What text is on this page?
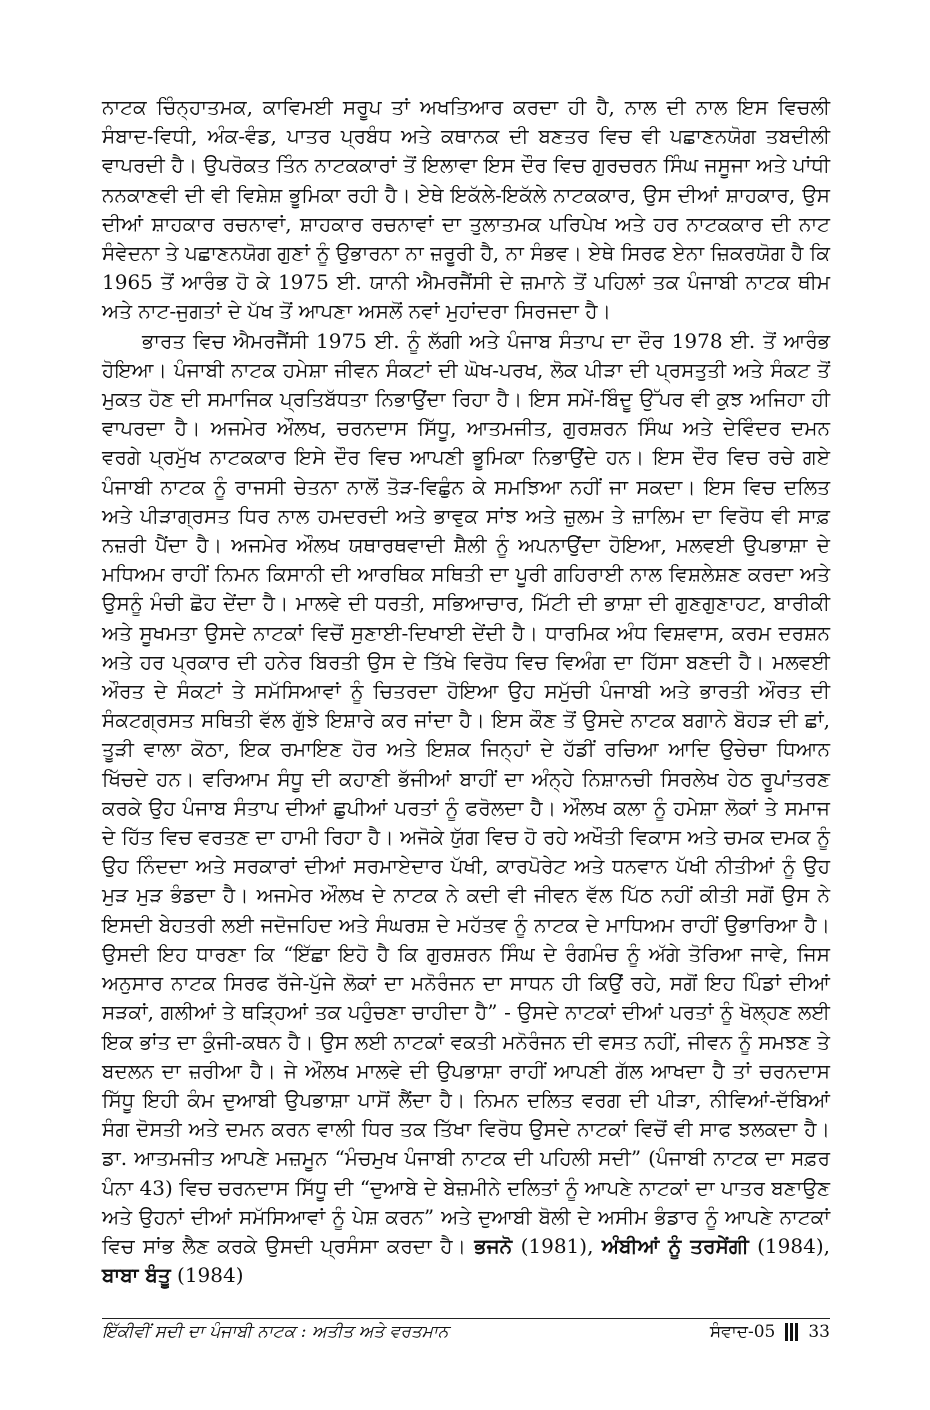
ਨਾਟਕ ਚਿੰਨ੍ਹਾਤਮਕ, ਕਾਵਿਮਈ ਸਰੂਪ ਤਾਂ ਅਖਤਿਆਰ ਕਰਦਾ ਹੀ ਹੈ, ਨਾਲ ਦੀ ਨਾਲ ਇਸ ਵਿਚਲੀ ਸੰਬਾਦ-ਵਿਧੀ, ਅੰਕ-ਵੰਡ, ਪਾਤਰ ਪ੍ਰਬੰਧ ਅਤੇ ਕਥਾਨਕ ਦੀ ਬਣਤਰ ਵਿਚ ਵੀ ਪਛਾਣਨਯੋਗ ਤਬਦੀਲੀ ਵਾਪਰਦੀ ਹੈ। ਉਪਰੋਕਤ ਤਿੰਨ ਨਾਟਕਕਾਰਾਂ ਤੋਂ ਇਲਾਵਾ ਇਸ ਦੌਰ ਵਿਚ ਗੁਰਚਰਨ ਸਿੰਘ ਜਸੂਜਾ ਅਤੇ ਪਾਂਧੀ ਨਨਕਾਣਵੀ ਦੀ ਵੀ ਵਿਸ਼ੇਸ਼ ਭੂਮਿਕਾ ਰਹੀ ਹੈ। ਏਥੇ ਇਕੱਲੇ-ਇਕੱਲੇ ਨਾਟਕਕਾਰ, ਉਸ ਦੀਆਂ ਸ਼ਾਹਕਾਰ, ਉਸ ਦੀਆਂ ਸ਼ਾਹਕਾਰ ਰਚਨਾਵਾਂ, ਸ਼ਾਹਕਾਰ ਰਚਨਾਵਾਂ ਦਾ ਤੁਲਾਤਮਕ ਪਰਿਪੇਖ ਅਤੇ ਹਰ ਨਾਟਕਕਾਰ ਦੀ ਨਾਟ ਸੰਵੇਦਨਾ ਤੇ ਪਛਾਣਨਯੋਗ ਗੁਣਾਂ ਨੂੰ ਉਭਾਰਨਾ ਨਾ ਜ਼ਰੂਰੀ ਹੈ, ਨਾ ਸੰਭਵ। ਏਥੇ ਸਿਰਫ ਏਨਾ ਜ਼ਿਕਰਯੋਗ ਹੈ ਕਿ 1965 ਤੋਂ ਆਰੰਭ ਹੋ ਕੇ 1975 ਈ. ਯਾਨੀ ਐਮਰਜੈਂਸੀ ਦੇ ਜ਼ਮਾਨੇ ਤੋਂ ਪਹਿਲਾਂ ਤਕ ਪੰਜਾਬੀ ਨਾਟਕ ਥੀਮ ਅਤੇ ਨਾਟ-ਜੁਗਤਾਂ ਦੇ ਪੱਖ ਤੋਂ ਆਪਣਾ ਅਸਲੋਂ ਨਵਾਂ ਮੁਹਾਂਦਰਾ ਸਿਰਜਦਾ ਹੈ।

ਭਾਰਤ ਵਿਚ ਐਮਰਜੈਂਸੀ 1975 ਈ. ਨੂੰ ਲੱਗੀ ਅਤੇ ਪੰਜਾਬ ਸੰਤਾਪ ਦਾ ਦੌਰ 1978 ਈ. ਤੋਂ ਆਰੰਭ ਹੋਇਆ। ਪੰਜਾਬੀ ਨਾਟਕ ਹਮੇਸ਼ਾ ਜੀਵਨ ਸੰਕਟਾਂ ਦੀ ਘੋਖ-ਪਰਖ, ਲੋਕ ਪੀੜਾ ਦੀ ਪ੍ਰਸਤੁਤੀ ਅਤੇ ਸੰਕਟ ਤੋਂ ਮੁਕਤ ਹੋਣ ਦੀ ਸਮਾਜਿਕ ਪ੍ਰਤਿਬੱਧਤਾ ਨਿਭਾਉਂਦਾ ਰਿਹਾ ਹੈ। ਇਸ ਸਮੇਂ-ਬਿੰਦੂ ਉੱਪਰ ਵੀ ਕੁਝ ਅਜਿਹਾ ਹੀ ਵਾਪਰਦਾ ਹੈ। ਅਜਮੇਰ ਔਲਖ, ਚਰਨਦਾਸ ਸਿੱਧੂ, ਆਤਮਜੀਤ, ਗੁਰਸ਼ਰਨ ਸਿੰਘ ਅਤੇ ਦੇਵਿੰਦਰ ਦਮਨ ਵਰਗੇ ਪ੍ਰਮੁੱਖ ਨਾਟਕਕਾਰ ਇਸੇ ਦੌਰ ਵਿਚ ਆਪਣੀ ਭੂਮਿਕਾ ਨਿਭਾਉਂਦੇ ਹਨ। ਇਸ ਦੌਰ ਵਿਚ ਰਚੇ ਗਏ ਪੰਜਾਬੀ ਨਾਟਕ ਨੂੰ ਰਾਜਸੀ ਚੇਤਨਾ ਨਾਲੋਂ ਤੋੜ-ਵਿਛੁੰਨ ਕੇ ਸਮਝਿਆ ਨਹੀਂ ਜਾ ਸਕਦਾ। ਇਸ ਵਿਚ ਦਲਿਤ ਅਤੇ ਪੀੜਾਗ੍ਰਸਤ ਧਿਰ ਨਾਲ ਹਮਦਰਦੀ ਅਤੇ ਭਾਵੁਕ ਸਾਂਝ ਅਤੇ ਜ਼ੁਲਮ ਤੇ ਜ਼ਾਲਿਮ ਦਾ ਵਿਰੋਧ ਵੀ ਸਾਫ਼ ਨਜ਼ਰੀ ਪੈਂਦਾ ਹੈ। ਅਜਮੇਰ ਔਲਖ ਯਥਾਰਥਵਾਦੀ ਸ਼ੈਲੀ ਨੂੰ ਅਪਨਾਉਂਦਾ ਹੋਇਆ, ਮਲਵਈ ਉਪਭਾਸ਼ਾ ਦੇ ਮਧਿਅਮ ਰਾਹੀਂ ਨਿਮਨ ਕਿਸਾਨੀ ਦੀ ਆਰਥਿਕ ਸਥਿਤੀ ਦਾ ਪੂਰੀ ਗਹਿਰਾਈ ਨਾਲ ਵਿਸ਼ਲੇਸ਼ਣ ਕਰਦਾ ਅਤੇ ਉਸਨੂੰ ਮੰਚੀ ਛੋਹ ਦੇਂਦਾ ਹੈ। ਮਾਲਵੇ ਦੀ ਧਰਤੀ, ਸਭਿਆਚਾਰ, ਮਿੱਟੀ ਦੀ ਭਾਸ਼ਾ ਦੀ ਗੁਣਗੁਣਾਹਟ, ਬਾਰੀਕੀ ਅਤੇ ਸੂਖਮਤਾ ਉਸਦੇ ਨਾਟਕਾਂ ਵਿਚੋਂ ਸੁਣਾਈ-ਦਿਖਾਈ ਦੇਂਦੀ ਹੈ। ਧਾਰਮਿਕ ਅੰਧ ਵਿਸ਼ਵਾਸ, ਕਰਮ ਦਰਸ਼ਨ ਅਤੇ ਹਰ ਪ੍ਰਕਾਰ ਦੀ ਹਨੇਰ ਬਿਰਤੀ ਉਸ ਦੇ ਤਿੱਖੇ ਵਿਰੋਧ ਵਿਚ ਵਿਅੰਗ ਦਾ ਹਿੱਸਾ ਬਣਦੀ ਹੈ। ਮਲਵਈ ਔਰਤ ਦੇ ਸੰਕਟਾਂ ਤੇ ਸਮੱਸਿਆਵਾਂ ਨੂੰ ਚਿਤਰਦਾ ਹੋਇਆ ਉਹ ਸਮੁੱਚੀ ਪੰਜਾਬੀ ਅਤੇ ਭਾਰਤੀ ਔਰਤ ਦੀ ਸੰਕਟਗ੍ਰਸਤ ਸਥਿਤੀ ਵੱਲ ਗੁੱਝੇ ਇਸ਼ਾਰੇ ਕਰ ਜਾਂਦਾ ਹੈ। ਇਸ ਕੌਣ ਤੋਂ ਉਸਦੇ ਨਾਟਕ ਬਗਾਨੇ ਬੋਹੜ ਦੀ ਛਾਂ, ਤੂੜੀ ਵਾਲਾ ਕੋਠਾ, ਇਕ ਰਮਾਇਣ ਹੋਰ ਅਤੇ ਇਸ਼ਕ ਜਿਨ੍ਹਾਂ ਦੇ ਹੱਡੀਂ ਰਚਿਆ ਆਦਿ ਉਚੇਚਾ ਧਿਆਨ ਖਿੱਚਦੇ ਹਨ। ਵਰਿਆਮ ਸੰਧੂ ਦੀ ਕਹਾਣੀ ਭੱਜੀਆਂ ਬਾਹੀਂ ਦਾ ਅੰਨ੍ਹੇ ਨਿਸ਼ਾਨਚੀ ਸਿਰਲੇਖ ਹੇਠ ਰੂਪਾਂਤਰਣ ਕਰਕੇ ਉਹ ਪੰਜਾਬ ਸੰਤਾਪ ਦੀਆਂ ਛੁਪੀਆਂ ਪਰਤਾਂ ਨੂੰ ਫਰੋਲਦਾ ਹੈ। ਔਲਖ ਕਲਾ ਨੂੰ ਹਮੇਸ਼ਾ ਲੋਕਾਂ ਤੇ ਸਮਾਜ ਦੇ ਹਿੱਤ ਵਿਚ ਵਰਤਣ ਦਾ ਹਾਮੀ ਰਿਹਾ ਹੈ। ਅਜੋਕੇ ਯੁੱਗ ਵਿਚ ਹੋ ਰਹੇ ਅਖੌਤੀ ਵਿਕਾਸ ਅਤੇ ਚਮਕ ਦਮਕ ਨੂੰ ਉਹ ਨਿੰਦਦਾ ਅਤੇ ਸਰਕਾਰਾਂ ਦੀਆਂ ਸਰਮਾਏਦਾਰ ਪੱਖੀ, ਕਾਰਪੋਰੇਟ ਅਤੇ ਧਨਵਾਨ ਪੱਖੀ ਨੀਤੀਆਂ ਨੂੰ ਉਹ ਮੁੜ ਮੁੜ ਭੰਡਦਾ ਹੈ। ਅਜਮੇਰ ਔਲਖ ਦੇ ਨਾਟਕ ਨੇ ਕਦੀ ਵੀ ਜੀਵਨ ਵੱਲ ਪਿੱਠ ਨਹੀਂ ਕੀਤੀ ਸਗੋਂ ਉਸ ਨੇ ਇਸਦੀ ਬੇਹਤਰੀ ਲਈ ਜਦੋਜਹਿਦ ਅਤੇ ਸੰਘਰਸ਼ ਦੇ ਮਹੱਤਵ ਨੂੰ ਨਾਟਕ ਦੇ ਮਾਧਿਅਮ ਰਾਹੀਂ ਉਭਾਰਿਆ ਹੈ। ਉਸਦੀ ਇਹ ਧਾਰਣਾ ਕਿ “ਇੱਛਾ ਇਹੋ ਹੈ ਕਿ ਗੁਰਸ਼ਰਨ ਸਿੰਘ ਦੇ ਰੰਗਮੰਚ ਨੂੰ ਅੱਗੇ ਤੋਰਿਆ ਜਾਵੇ, ਜਿਸ ਅਨੁਸਾਰ ਨਾਟਕ ਸਿਰਫ ਰੱਜੇ-ਪੁੱਜੇ ਲੋਕਾਂ ਦਾ ਮਨੋਰੰਜਨ ਦਾ ਸਾਧਨ ਹੀ ਕਿਉਂ ਰਹੇ, ਸਗੋਂ ਇਹ ਪਿੰਡਾਂ ਦੀਆਂ ਸੜਕਾਂ, ਗਲੀਆਂ ਤੇ ਥੜ੍ਹਿਆਂ ਤਕ ਪਹੁੰਚਣਾ ਚਾਹੀਦਾ ਹੈ” - ਉਸਦੇ ਨਾਟਕਾਂ ਦੀਆਂ ਪਰਤਾਂ ਨੂੰ ਖੋਲ੍ਹਣ ਲਈ ਇਕ ਭਾਂਤ ਦਾ ਕੁੰਜੀ-ਕਥਨ ਹੈ। ਉਸ ਲਈ ਨਾਟਕਾਂ ਵਕਤੀ ਮਨੋਰੰਜਨ ਦੀ ਵਸਤ ਨਹੀਂ, ਜੀਵਨ ਨੂੰ ਸਮਝਣ ਤੇ ਬਦਲਨ ਦਾ ਜ਼ਰੀਆ ਹੈ। ਜੇ ਔਲਖ ਮਾਲਵੇ ਦੀ ਉਪਭਾਸ਼ਾ ਰਾਹੀਂ ਆਪਣੀ ਗੱਲ ਆਖਦਾ ਹੈ ਤਾਂ ਚਰਨਦਾਸ ਸਿੱਧੂ ਇਹੀ ਕੰਮ ਦੁਆਬੀ ਉਪਭਾਸ਼ਾ ਪਾਸੋਂ ਲੈਂਦਾ ਹੈ। ਨਿਮਨ ਦਲਿਤ ਵਰਗ ਦੀ ਪੀੜਾ, ਨੀਵਿਆਂ-ਦੱਬਿਆਂ ਸੰਗ ਦੋਸਤੀ ਅਤੇ ਦਮਨ ਕਰਨ ਵਾਲੀ ਧਿਰ ਤਕ ਤਿੱਖਾ ਵਿਰੋਧ ਉਸਦੇ ਨਾਟਕਾਂ ਵਿਚੋਂ ਵੀ ਸਾਫ ਝਲਕਦਾ ਹੈ। ਡਾ. ਆਤਮਜੀਤ ਆਪਣੇ ਮਜ਼ਮੂਨ “ਮੰਚਮੁਖ ਪੰਜਾਬੀ ਨਾਟਕ ਦੀ ਪਹਿਲੀ ਸਦੀ” (ਪੰਜਾਬੀ ਨਾਟਕ ਦਾ ਸਫ਼ਰ ਪੰਨਾ 43) ਵਿਚ ਚਰਨਦਾਸ ਸਿੱਧੂ ਦੀ “ਦੁਆਬੇ ਦੇ ਬੇਜ਼ਮੀਨੇ ਦਲਿਤਾਂ ਨੂੰ ਆਪਣੇ ਨਾਟਕਾਂ ਦਾ ਪਾਤਰ ਬਣਾਉਣ ਅਤੇ ਉਹਨਾਂ ਦੀਆਂ ਸਮੱਸਿਆਵਾਂ ਨੂੰ ਪੇਸ਼ ਕਰਨ” ਅਤੇ ਦੁਆਬੀ ਬੋਲੀ ਦੇ ਅਸੀਮ ਭੰਡਾਰ ਨੂੰ ਆਪਣੇ ਨਾਟਕਾਂ ਵਿਚ ਸਾਂਭ ਲੈਣ ਕਰਕੇ ਉਸਦੀ ਪ੍ਰਸੰਸਾ ਕਰਦਾ ਹੈ। ਭਜਨੋ (1981), ਅੰਬੀਆਂ ਨੂੰ ਤਰਸੇਂਗੀ (1984), ਬਾਬਾ ਬੰਤੂ (1984)

ਇੱਕੀਵੀਂ ਸਦੀ ਦਾ ਪੰਜਾਬੀ ਨਾਟਕ : ਅਤੀਤ ਅਤੇ ਵਰਤਮਾਨ	ਸੰਵਾਦ-05 33
